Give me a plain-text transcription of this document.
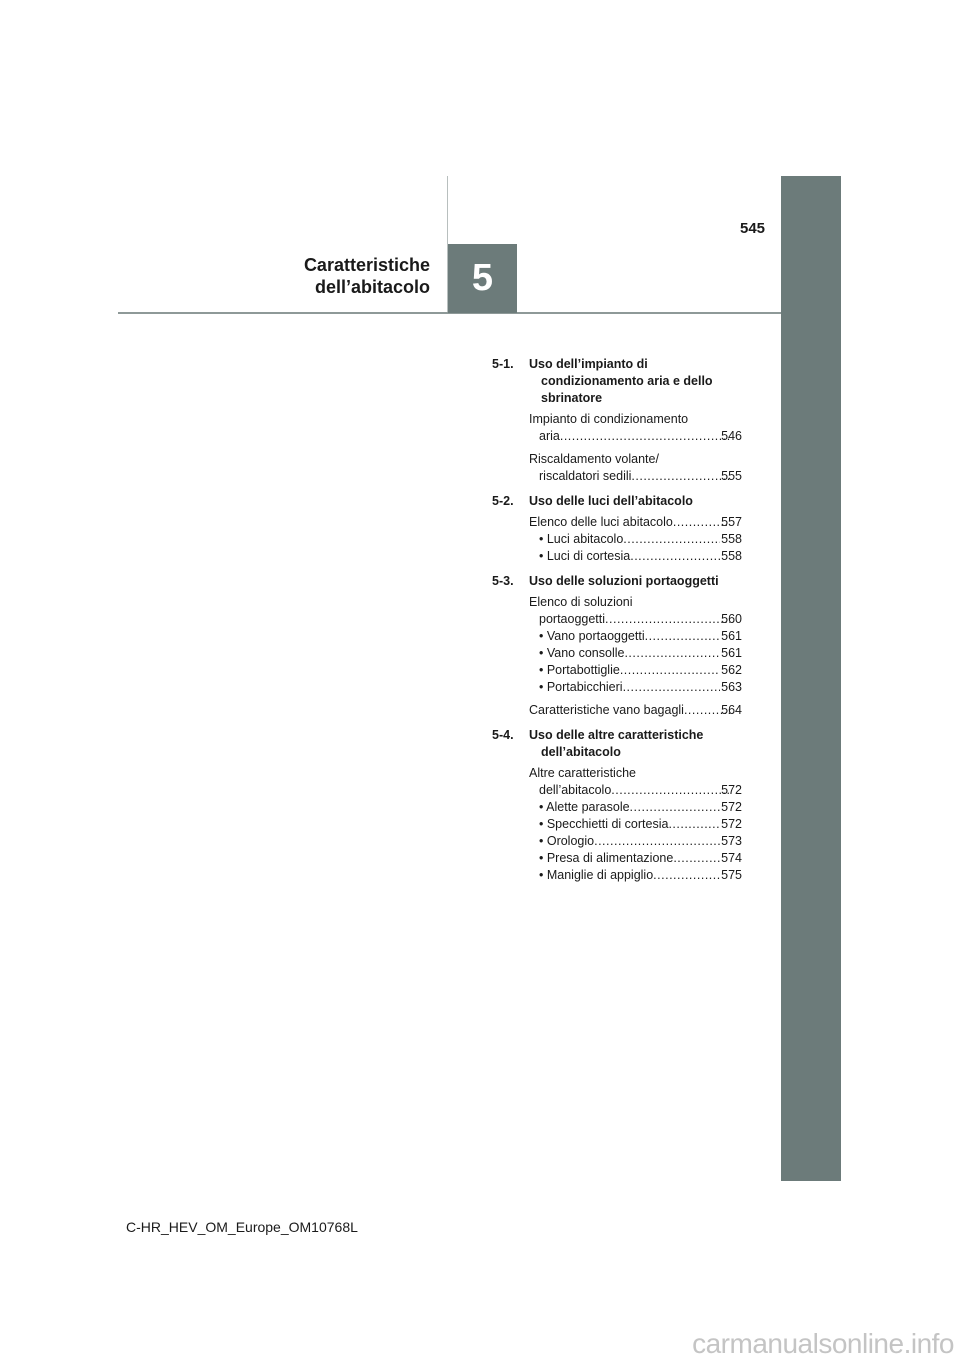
5
545
Caratteristiche
dell’abitacolo
5-1.	Uso dell’impianto di condizionamento aria e dello sbrinatore
Impianto di condizionamento
aria .....	546
Riscaldamento volante/
riscaldatori sedili .....	555
5-2.	Uso delle luci dell’abitacolo
Elenco delle luci abitacolo .....	557
• Luci abitacolo .....	558
• Luci di cortesia .....	558
5-3.	Uso delle soluzioni portaoggetti
Elenco di soluzioni
portaoggetti .....	560
• Vano portaoggetti .....	561
• Vano consolle .....	561
• Portabottiglie .....	562
• Portabicchieri .....	563
Caratteristiche vano bagagli .....	564
5-4.	Uso delle altre caratteristiche dell’abitacolo
Altre caratteristiche
dell’abitacolo .....	572
• Alette parasole .....	572
• Specchietti di cortesia .....	572
• Orologio .....	573
• Presa di alimentazione .....	574
• Maniglie di appiglio .....	575
C-HR_HEV_OM_Europe_OM10768L
carmanualsonline.info
